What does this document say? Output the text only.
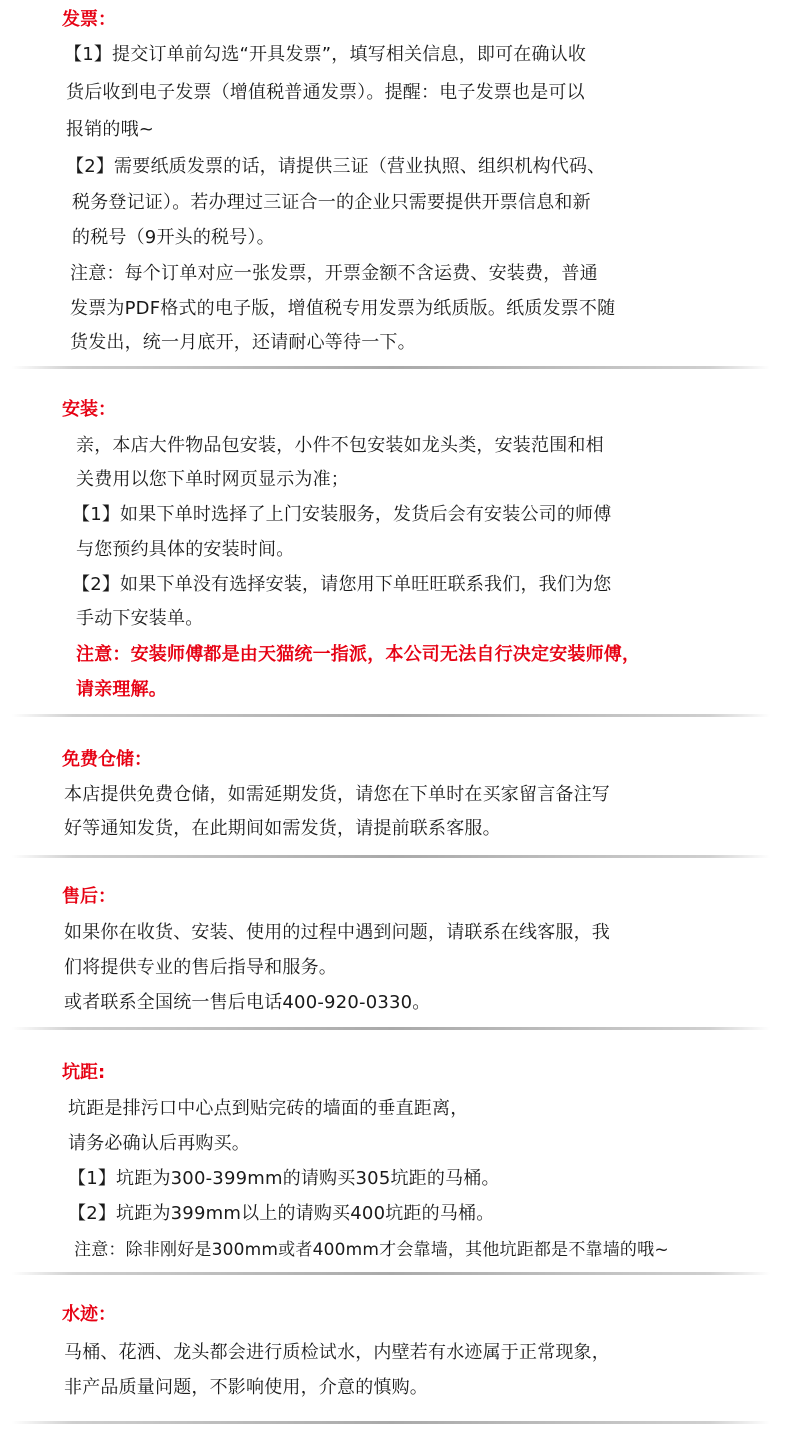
发票：
【1】提交订单前勾选“开具发票”，填写相关信息，即可在确认收
货后收到电子发票（增值税普通发票）。提醒：电子发票也是可以
报销的哦~
【2】需要纸质发票的话，请提供三证（营业执照、组织机构代码、
税务登记证）。若办理过三证合一的企业只需要提供开票信息和新
的税号（9开头的税号）。
注意：每个订单对应一张发票，开票金额不含运费、安装费，普通
发票为PDF格式的电子版，增值税专用发票为纸质版。纸质发票不随
货发出，统一月底开，还请耐心等待一下。
安装：
亲，本店大件物品包安装，小件不包安装如龙头类，安装范围和相
关费用以您下单时网页显示为准；
【1】如果下单时选择了上门安装服务，发货后会有安装公司的师傅
与您预约具体的安装时间。
【2】如果下单没有选择安装，请您用下单旺旺联系我们，我们为您
手动下安装单。
注意：安装师傅都是由天猫统一指派，本公司无法自行决定安装师傅，
请亲理解。
免费仓储：
本店提供免费仓储，如需延期发货，请您在下单时在买家留言备注写
好等通知发货，在此期间如需发货，请提前联系客服。
售后：
如果你在收货、安装、使用的过程中遇到问题，请联系在线客服，我
们将提供专业的售后指导和服务。
或者联系全国统一售后电话400-920-0330。
坑距:
坑距是排污口中心点到贴完砖的墙面的垂直距离，
请务必确认后再购买。
【1】坑距为300-399mm的请购买305坑距的马桶。
【2】坑距为399mm以上的请购买400坑距的马桶。
注意：除非刚好是300mm或者400mm才会靠墙，其他坑距都是不靠墙的哦~
水迹：
马桶、花洒、龙头都会进行质检试水，内壁若有水迹属于正常现象，
非产品质量问题，不影响使用，介意的慎购。
